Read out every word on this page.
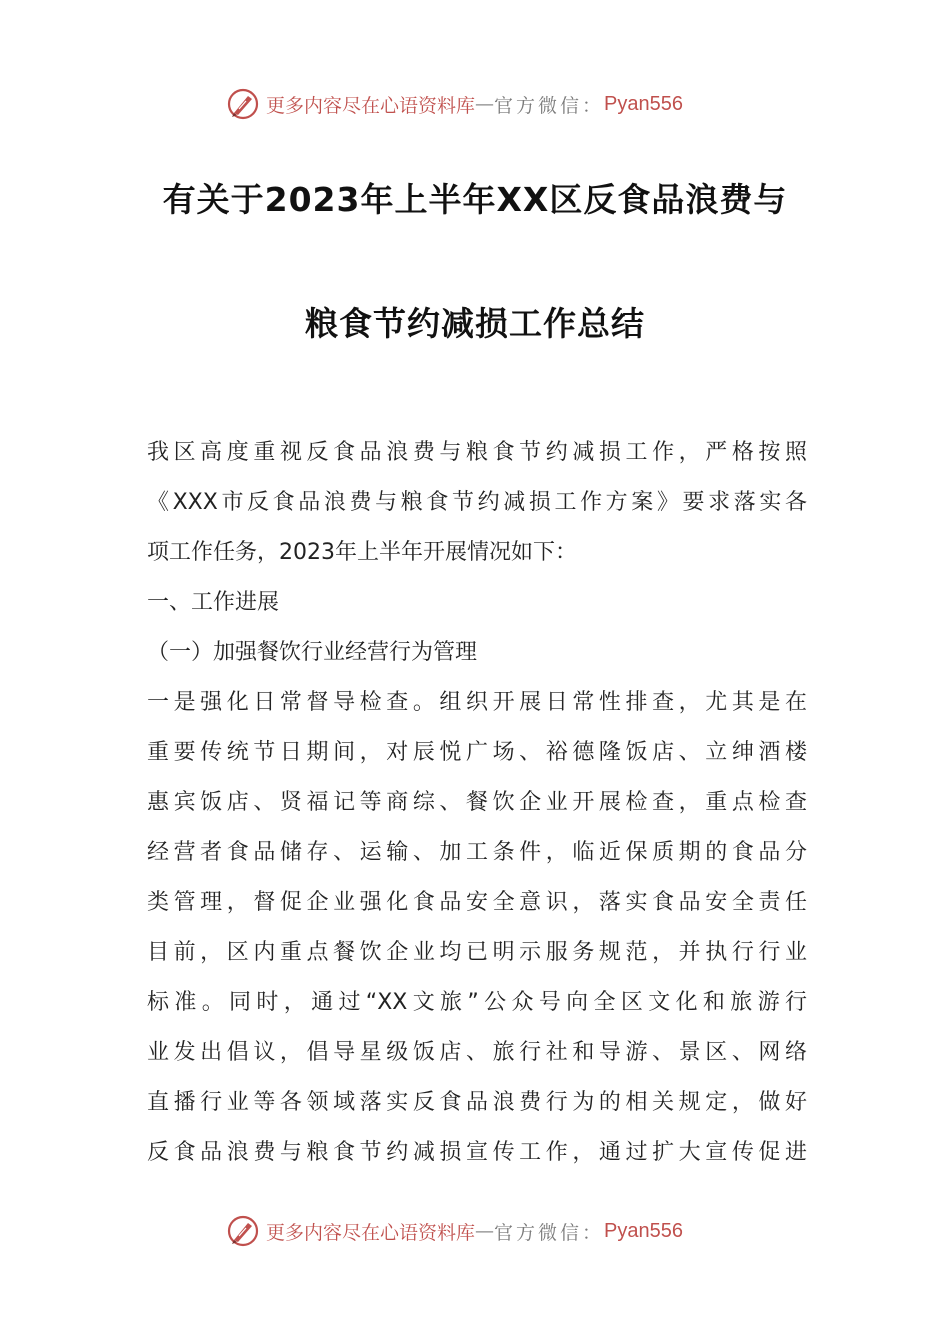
更多内容尽在心语资料库 — 官方微信： Pyan556
有关于2023年上半年XX区反食品浪费与
粮食节约减损工作总结
我区高度重视反食品浪费与粮食节约减损工作，严格按照
《XXX市反食品浪费与粮食节约减损工作方案》要求落实各
项工作任务，2023年上半年开展情况如下：
一、工作进展
（一）加强餐饮行业经营行为管理
一是强化日常督导检查。组织开展日常性排查，尤其是在
重要传统节日期间，对辰悦广场、裕德隆饭店、立绅酒楼
惠宾饭店、贤福记等商综、餐饮企业开展检查，重点检查
经营者食品储存、运输、加工条件，临近保质期的食品分
类管理，督促企业强化食品安全意识，落实食品安全责任
目前，区内重点餐饮企业均已明示服务规范，并执行行业
标准。同时，通过“XX文旅”公众号向全区文化和旅游行
业发出倡议，倡导星级饭店、旅行社和导游、景区、网络
直播行业等各领域落实反食品浪费行为的相关规定，做好
反食品浪费与粮食节约减损宣传工作，通过扩大宣传促进
更多内容尽在心语资料库 — 官方微信： Pyan556
